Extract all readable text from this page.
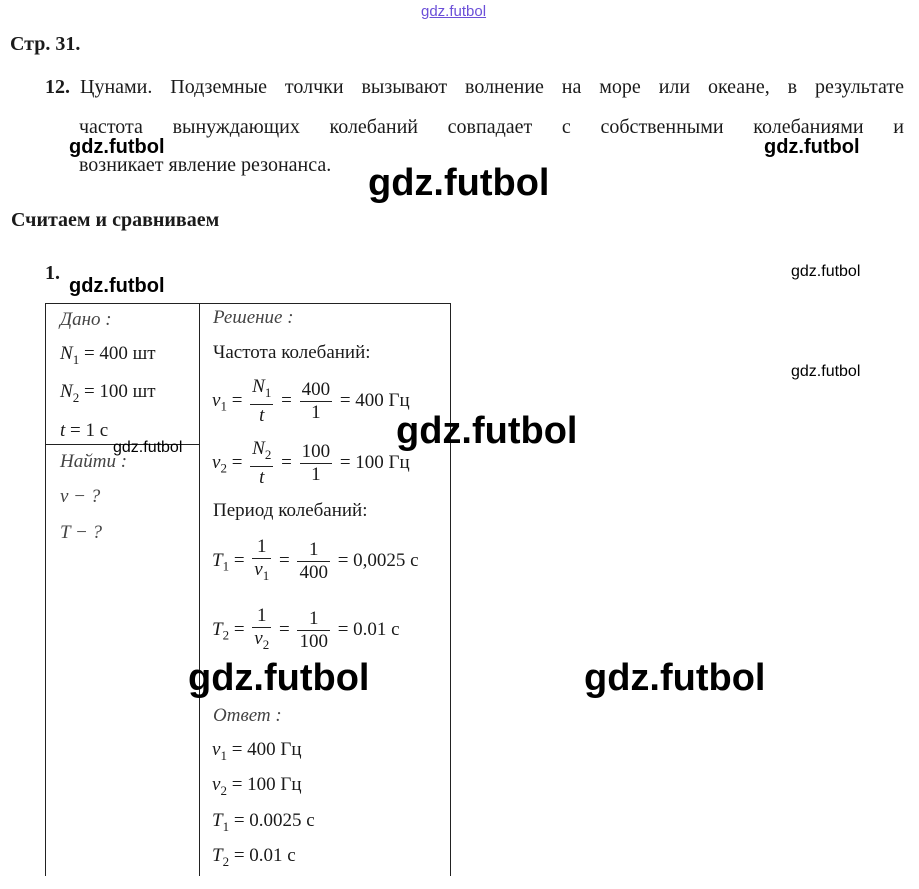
gdz.futbol
Стр. 31.
12. Цунами. Подземные толчки вызывают волнение на море или океане, в результате
частота вынуждающих колебаний совпадает с собственными колебаниями и
возникает явление резонанса.
gdz.futbol	gdz.futbol
gdz.futbol
Считаем и сравниваем
1.
gdz.futbol
gdz.futbol
gdz.futbol
Дано :
$N_1 = 400$ шт
$N_2 = 100$ шт
t = 1 с
Найти :
gdz.futbol
ν − ?
T − ?
Решение :
Частота колебаний:
$\nu_1 = \frac{N_1}{t} = \frac{400}{1} = 400$ Гц
$\nu_2 = \frac{N_2}{t} = \frac{100}{1} = 100$ Гц
gdz.futbol
Период колебаний:
$T_1 = \frac{1}{\nu_1} = \frac{1}{400} = 0,0025$ с
$T_2 = \frac{1}{\nu_2} = \frac{1}{100} = 0.01$ с
gdz.futbol	gdz.futbol
Ответ :
$\nu_1 = 400$ Гц
$\nu_2 = 100$ Гц
$T_1 = 0.0025$ с
$T_2 = 0.01$ с
